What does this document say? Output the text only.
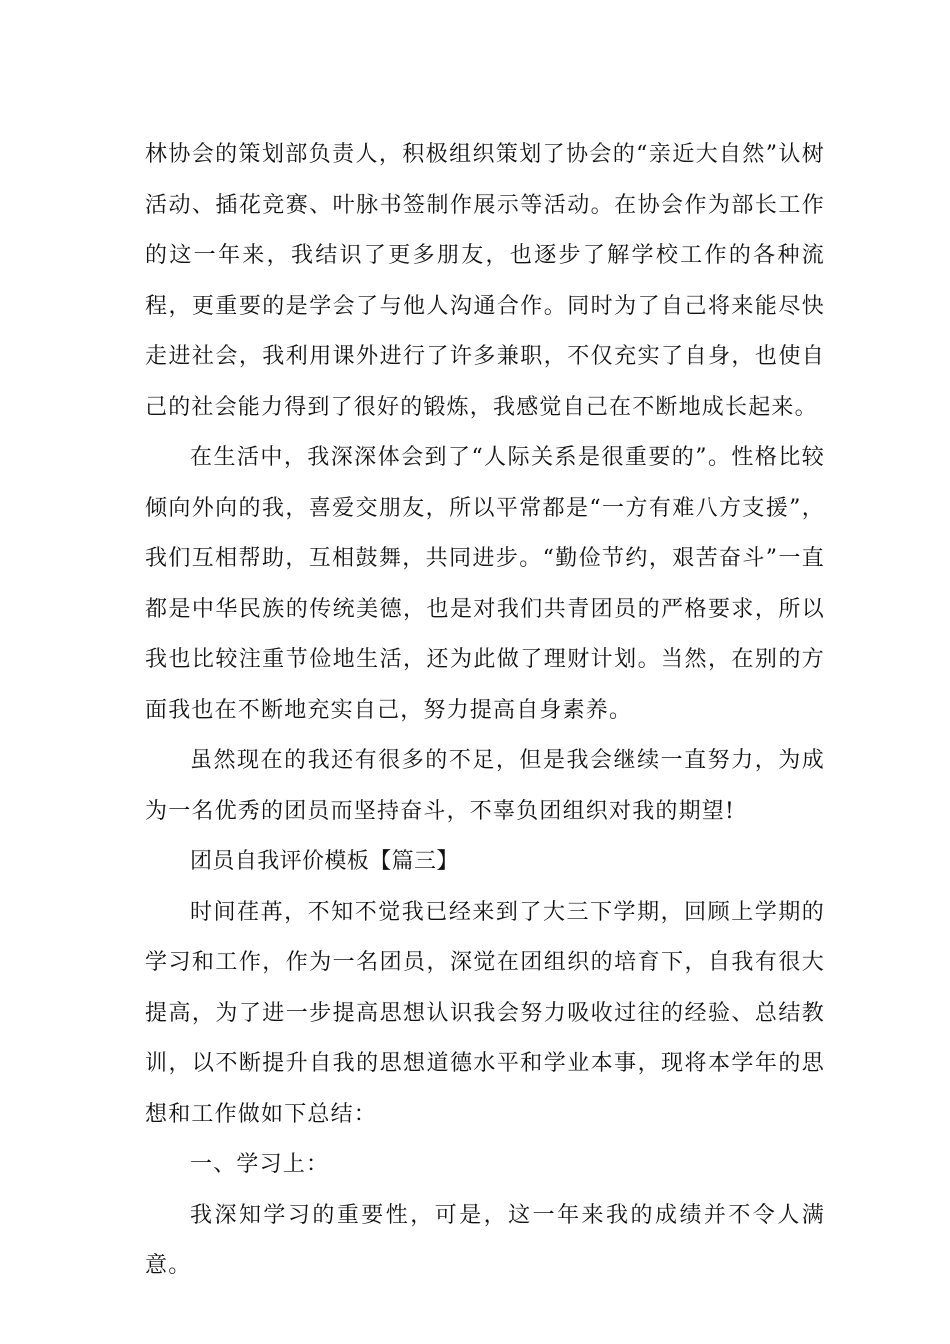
林协会的策划部负责人，积极组织策划了协会的“亲近大自然”认树活动、插花竞赛、叶脉书签制作展示等活动。在协会作为部长工作的这一年来，我结识了更多朋友，也逐步了解学校工作的各种流程，更重要的是学会了与他人沟通合作。同时为了自己将来能尽快走进社会，我利用课外进行了许多兼职，不仅充实了自身，也使自己的社会能力得到了很好的锻炼，我感觉自己在不断地成长起来。

在生活中，我深深体会到了“人际关系是很重要的”。性格比较倾向外向的我，喜爱交朋友，所以平常都是“一方有难八方支援”，我们互相帮助，互相鼓舞，共同进步。“勤俭节约，艰苦奋斗”一直都是中华民族的传统美德，也是对我们共青团员的严格要求，所以我也比较注重节俭地生活，还为此做了理财计划。当然，在别的方面我也在不断地充实自己，努力提高自身素养。

虽然现在的我还有很多的不足，但是我会继续一直努力，为成为一名优秀的团员而坚持奋斗，不辜负团组织对我的期望!

团员自我评价模板【篇三】

时间荏苒，不知不觉我已经来到了大三下学期，回顾上学期的学习和工作，作为一名团员，深觉在团组织的培育下，自我有很大提高，为了进一步提高思想认识我会努力吸收过往的经验、总结教训，以不断提升自我的思想道德水平和学业本事，现将本学年的思想和工作做如下总结：

一、学习上：

我深知学习的重要性，可是，这一年来我的成绩并不令人满意。
